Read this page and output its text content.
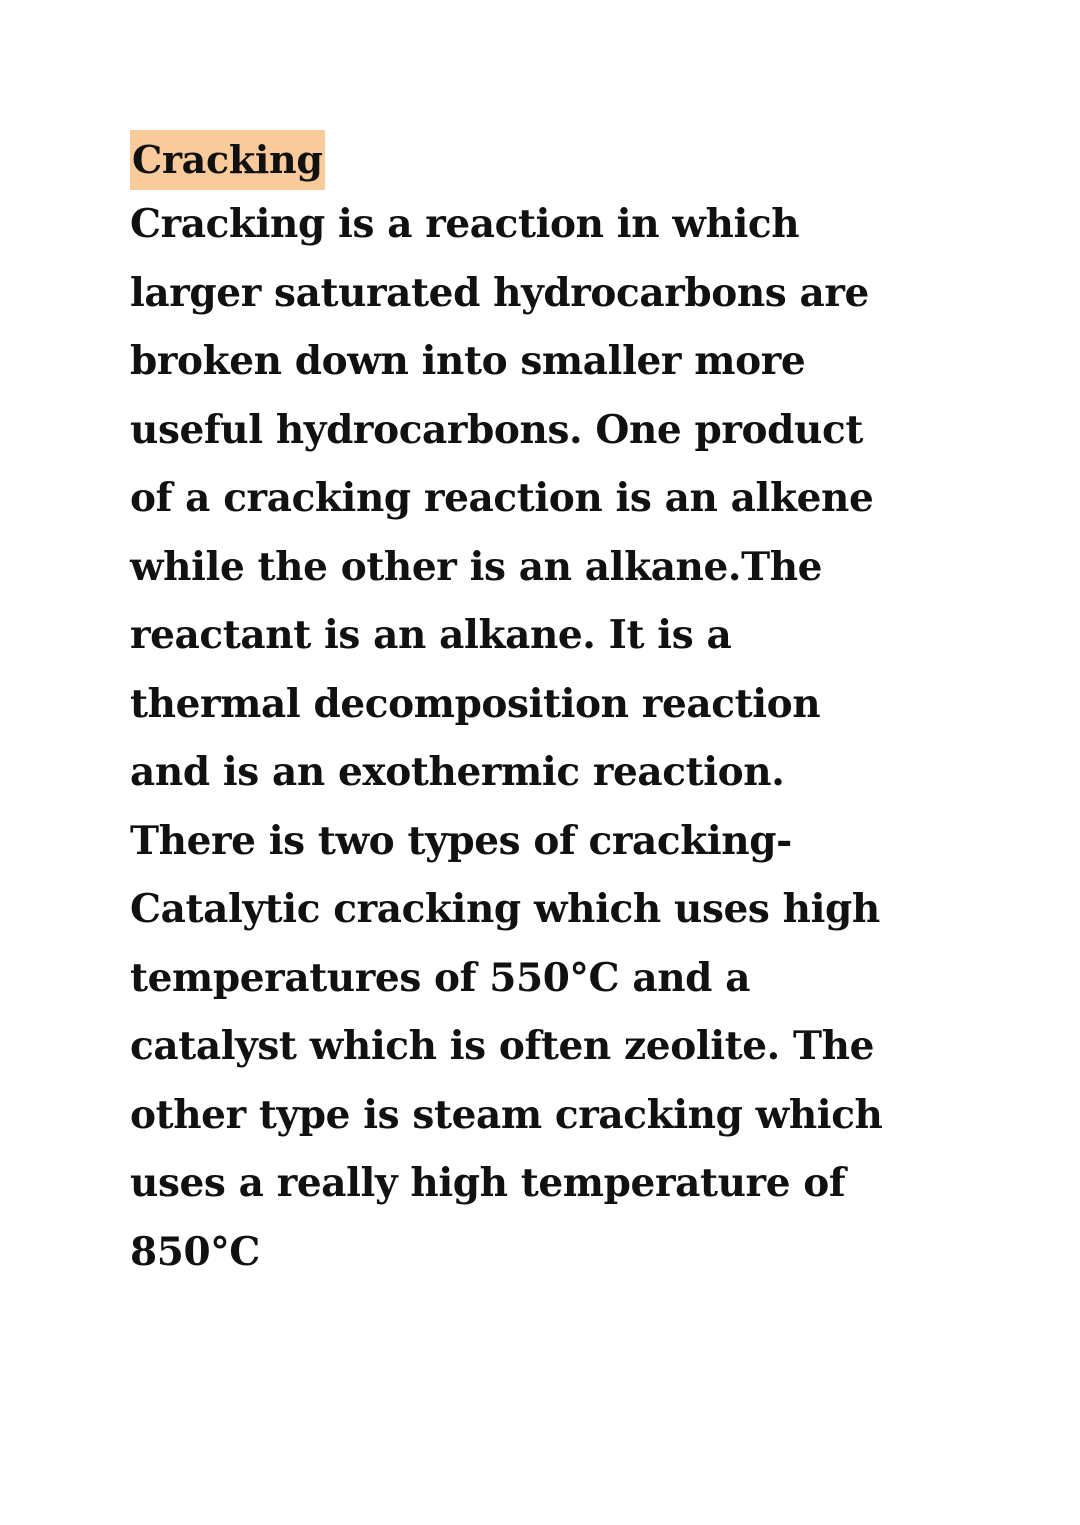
Cracking
Cracking is a reaction in which
larger saturated hydrocarbons are
broken down into smaller more
useful hydrocarbons. One product
of a cracking reaction is an alkene
while the other is an alkane.The
reactant is an alkane. It is a
thermal decomposition reaction
and is an exothermic reaction.
There is two types of cracking-
Catalytic cracking which uses high
temperatures of 550°C and a
catalyst which is often zeolite. The
other type is steam cracking which
uses a really high temperature of
850°C
